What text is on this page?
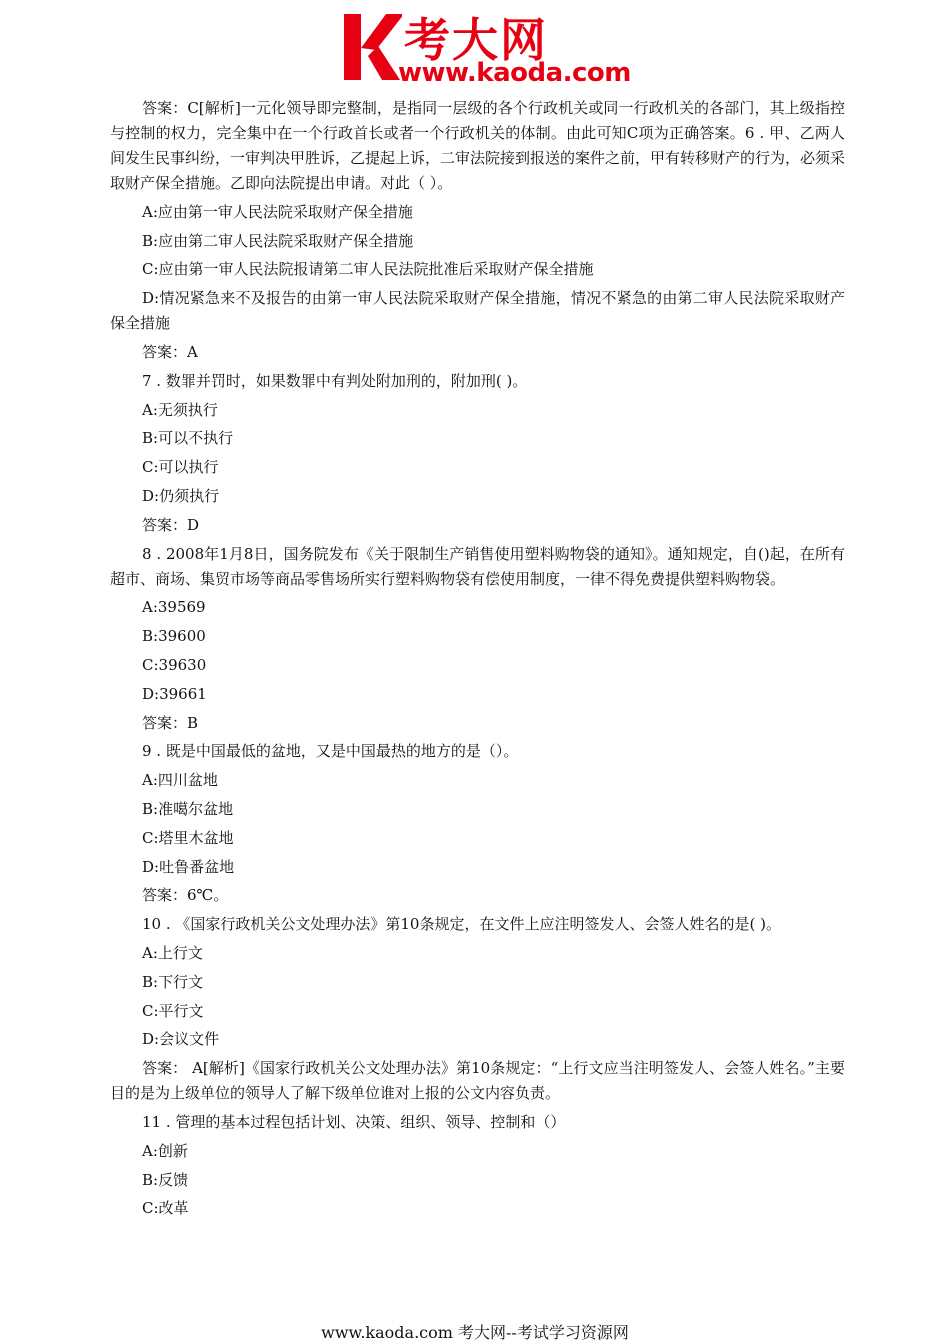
考大网
www.kaoda.com

答案：C[解析]一元化领导即完整制，是指同一层级的各个行政机关或同一行政机关的各部门，其上级指控与控制的权力，完全集中在一个行政首长或者一个行政机关的体制。由此可知C项为正确答案。6 . 甲、乙两人间发生民事纠纷，一审判决甲胜诉，乙提起上诉，二审法院接到报送的案件之前，甲有转移财产的行为，必须采取财产保全措施。乙即向法院提出申请。对此（ ）。

A:应由第一审人民法院采取财产保全措施

B:应由第二审人民法院采取财产保全措施

C:应由第一审人民法院报请第二审人民法院批准后采取财产保全措施

D:情况紧急来不及报告的由第一审人民法院采取财产保全措施，情况不紧急的由第二审人民法院采取财产保全措施

答案：A

7 . 数罪并罚时，如果数罪中有判处附加刑的，附加刑( )。

A:无须执行

B:可以不执行

C:可以执行

D:仍须执行

答案：D

8 . 2008年1月8日，国务院发布《关于限制生产销售使用塑料购物袋的通知》。通知规定，自()起，在所有超市、商场、集贸市场等商品零售场所实行塑料购物袋有偿使用制度，一律不得免费提供塑料购物袋。

A:39569

B:39600

C:39630

D:39661

答案：B

9 . 既是中国最低的盆地，又是中国最热的地方的是（）。

A:四川盆地

B:准噶尔盆地

C:塔里木盆地

D:吐鲁番盆地

答案：6℃。

10 . 《国家行政机关公文处理办法》第10条规定，在文件上应注明签发人、会签人姓名的是( )。

A:上行文

B:下行文

C:平行文

D:会议文件

答案： A[解析]《国家行政机关公文处理办法》第10条规定：“上行文应当注明签发人、会签人姓名。”主要目的是为上级单位的领导人了解下级单位谁对上报的公文内容负责。

11 . 管理的基本过程包括计划、决策、组织、领导、控制和（）

A:创新

B:反馈

C:改革

www.kaoda.com 考大网--考试学习资源网
